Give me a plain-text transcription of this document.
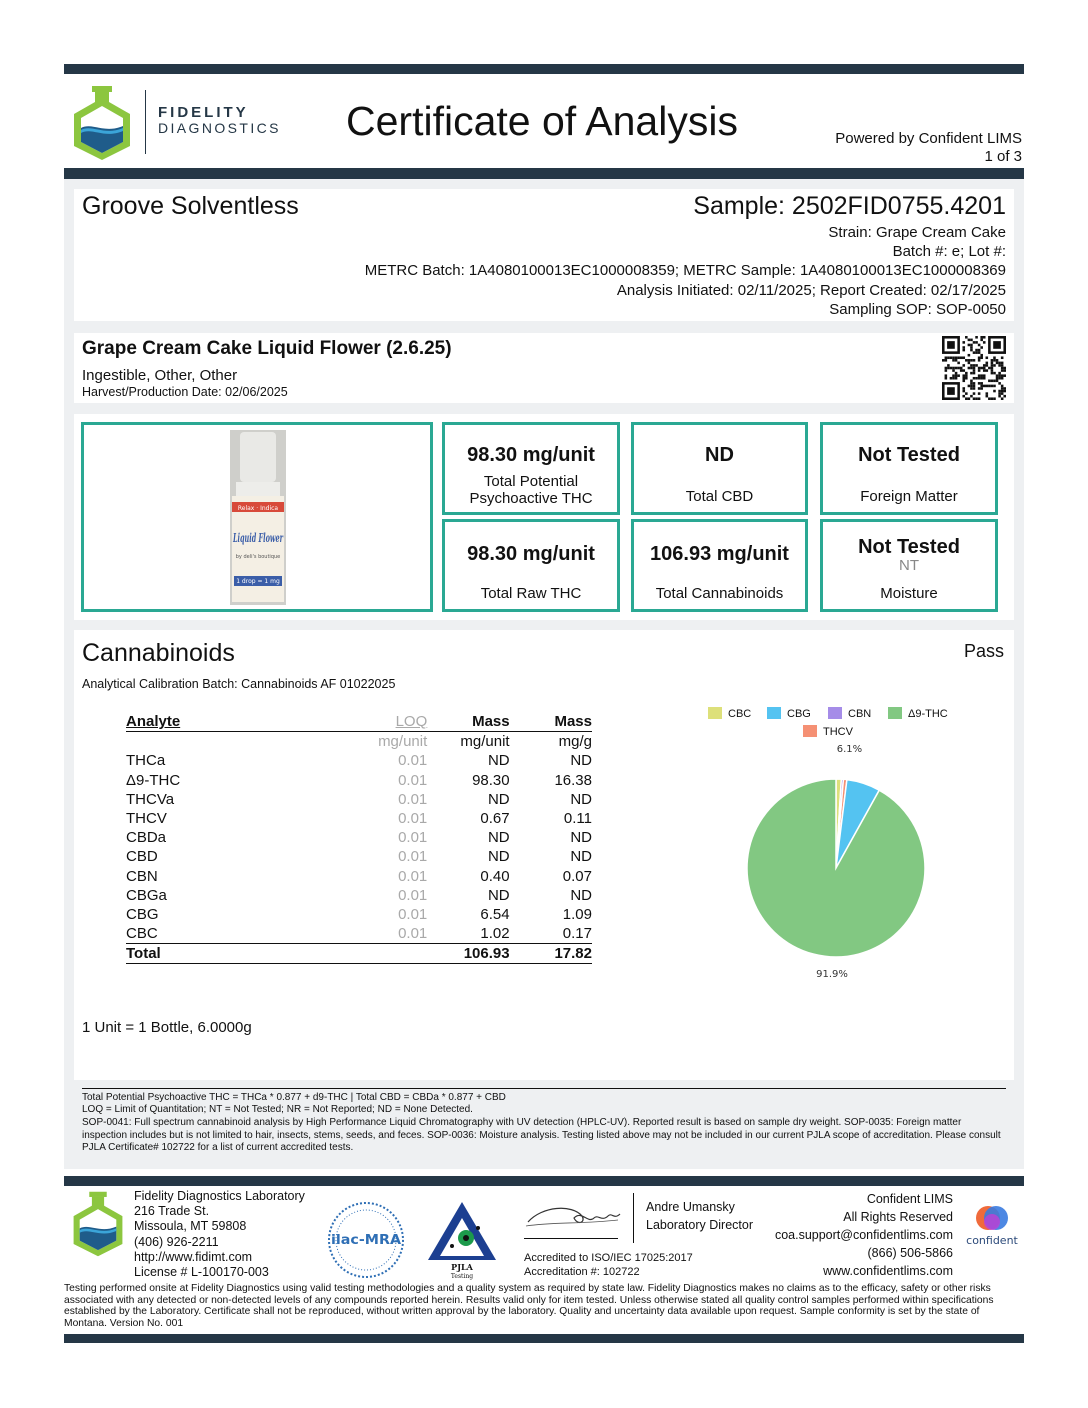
FIDELITY
DIAGNOSTICS Certificate of Analysis	Powered by Confident LIMS
1 of 3
Groove Solventless	Sample: 2502FID0755.4201
Strain: Grape Cream Cake
Batch #: e; Lot #:
METRC Batch: 1A4080100013EC1000008359; METRC Sample: 1A4080100013EC1000008369
Analysis Initiated: 02/11/2025; Report Created: 02/17/2025
Sampling SOP: SOP-0050
Grape Cream Cake Liquid Flower (2.6.25)
Ingestible, Other, Other
Harvest/Production Date: 02/06/2025
Relax · Indica
Liquid Flower
by deli's boutique
1 drop = 1 mg
98.30 mg/unit
Total Potential Psychoactive THC
ND
Total CBD
Not Tested
Foreign Matter
98.30 mg/unit
Total Raw THC
106.93 mg/unit
Total Cannabinoids
Not Tested
NT
Moisture
Cannabinoids	Pass
Analytical Calibration Batch: Cannabinoids AF 01022025
Analyte	LOQ	Mass	Mass
	mg/unit	mg/unit	mg/g
THCa	0.01	ND	ND
Δ9-THC	0.01	98.30	16.38
THCVa	0.01	ND	ND
THCV	0.01	0.67	0.11
CBDa	0.01	ND	ND
CBD	0.01	ND	ND
CBN	0.01	0.40	0.07
CBGa	0.01	ND	ND
CBG	0.01	6.54	1.09
CBC	0.01	1.02	0.17
Total		106.93	17.82
1 Unit = 1 Bottle, 6.0000g
CBC	CBG	CBN	Δ9-THC
THCV
6.1%
91.9%
Total Potential Psychoactive THC = THCa * 0.877 + d9-THC | Total CBD = CBDa * 0.877 + CBD
LOQ = Limit of Quantitation; NT = Not Tested; NR = Not Reported; ND = None Detected.
SOP-0041: Full spectrum cannabinoid analysis by High Performance Liquid Chromatography with UV detection (HPLC-UV). Reported result is based on sample dry weight. SOP-0035: Foreign matter inspection includes but is not limited to hair, insects, stems, seeds, and feces. SOP-0036: Moisture analysis. Testing listed above may not be included in our current PJLA scope of accreditation. Please consult PJLA Certificate# 102722 for a list of current accredited tests.
Fidelity Diagnostics Laboratory
216 Trade St.
Missoula, MT 59808
(406) 926-2211
http://www.fidimt.com
License # L-100170-003
ilac-MRA
PJLA
Testing
Andre Umansky
Laboratory Director
Accredited to ISO/IEC 17025:2017
Accreditation #: 102722
Confident LIMS
All Rights Reserved
coa.support@confidentlims.com
(866) 506-5866
www.confidentlims.com
confident
Testing performed onsite at Fidelity Diagnostics using valid testing methodologies and a quality system as required by state law. Fidelity Diagnostics makes no claims as to the efficacy, safety or other risks associated with any detected or non-detected levels of any compounds reported herein. Results valid only for item tested. Unless otherwise stated all quality control samples performed within specifications established by the Laboratory. Certificate shall not be reproduced, without written approval by the laboratory. Quality and uncertainty data available upon request. Sample conformity is set by the state of Montana. Version No. 001
